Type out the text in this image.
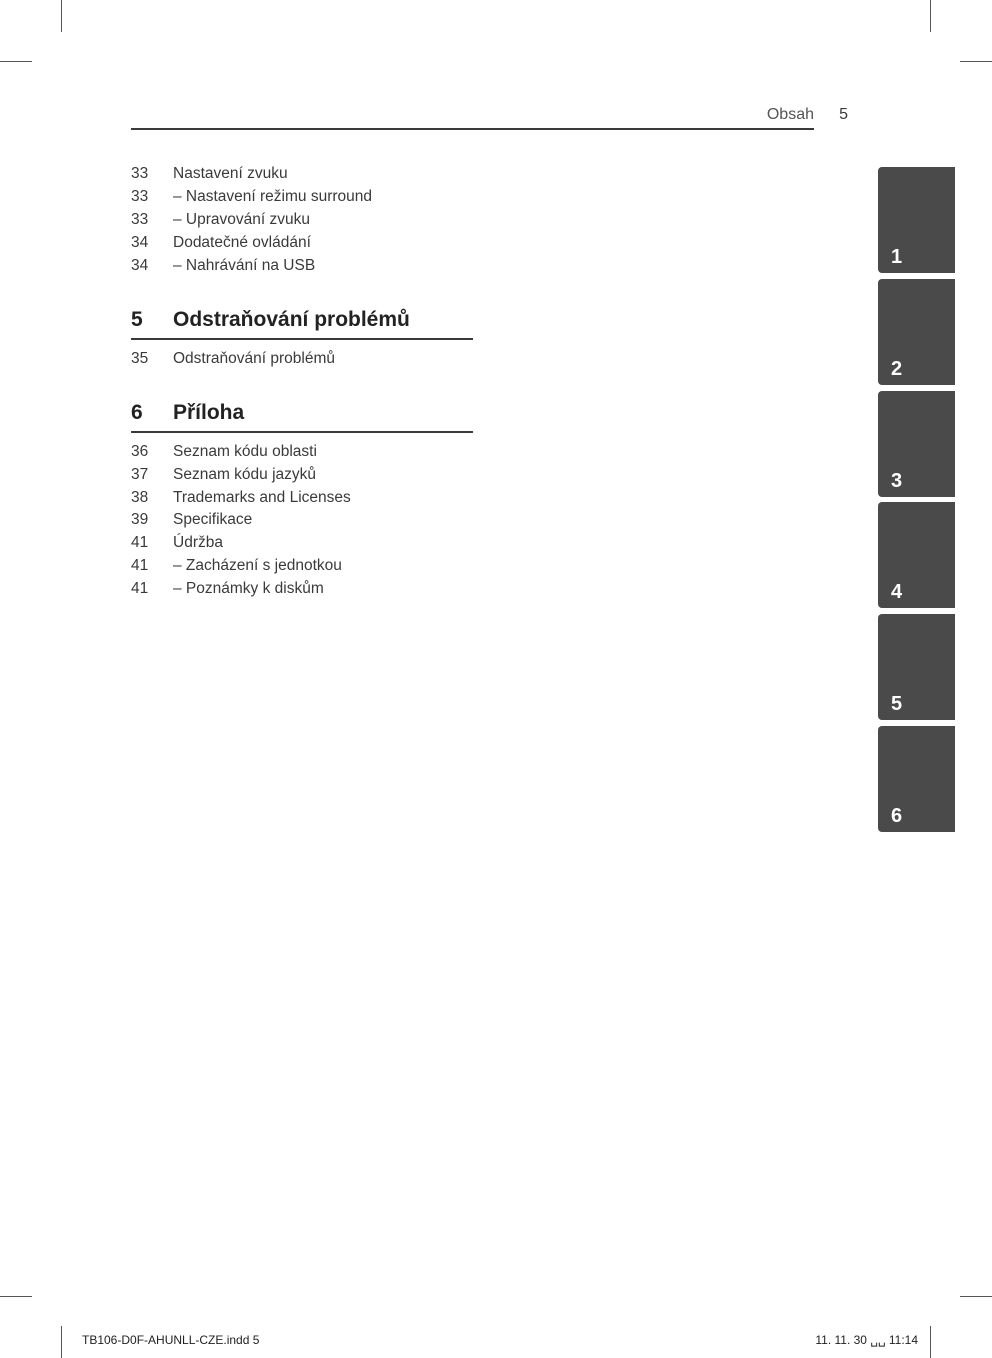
Obsah 5
33	Nastavení zvuku
33	– Nastavení režimu surround
33	– Upravování zvuku
34	Dodatečné ovládání
34	– Nahrávání na USB
5 Odstraňování problémů
35	Odstraňování problémů
6 Příloha
36	Seznam kódu oblasti
37	Seznam kódu jazyků
38	Trademarks and Licenses
39	Specifikace
41	Údržba
41	– Zacházení s jednotkou
41	– Poznámky k diskům
1
2
3
4
5
6
TB106-D0F-AHUNLL-CZE.indd 5	11. 11. 30 ␣␣ 11:14
